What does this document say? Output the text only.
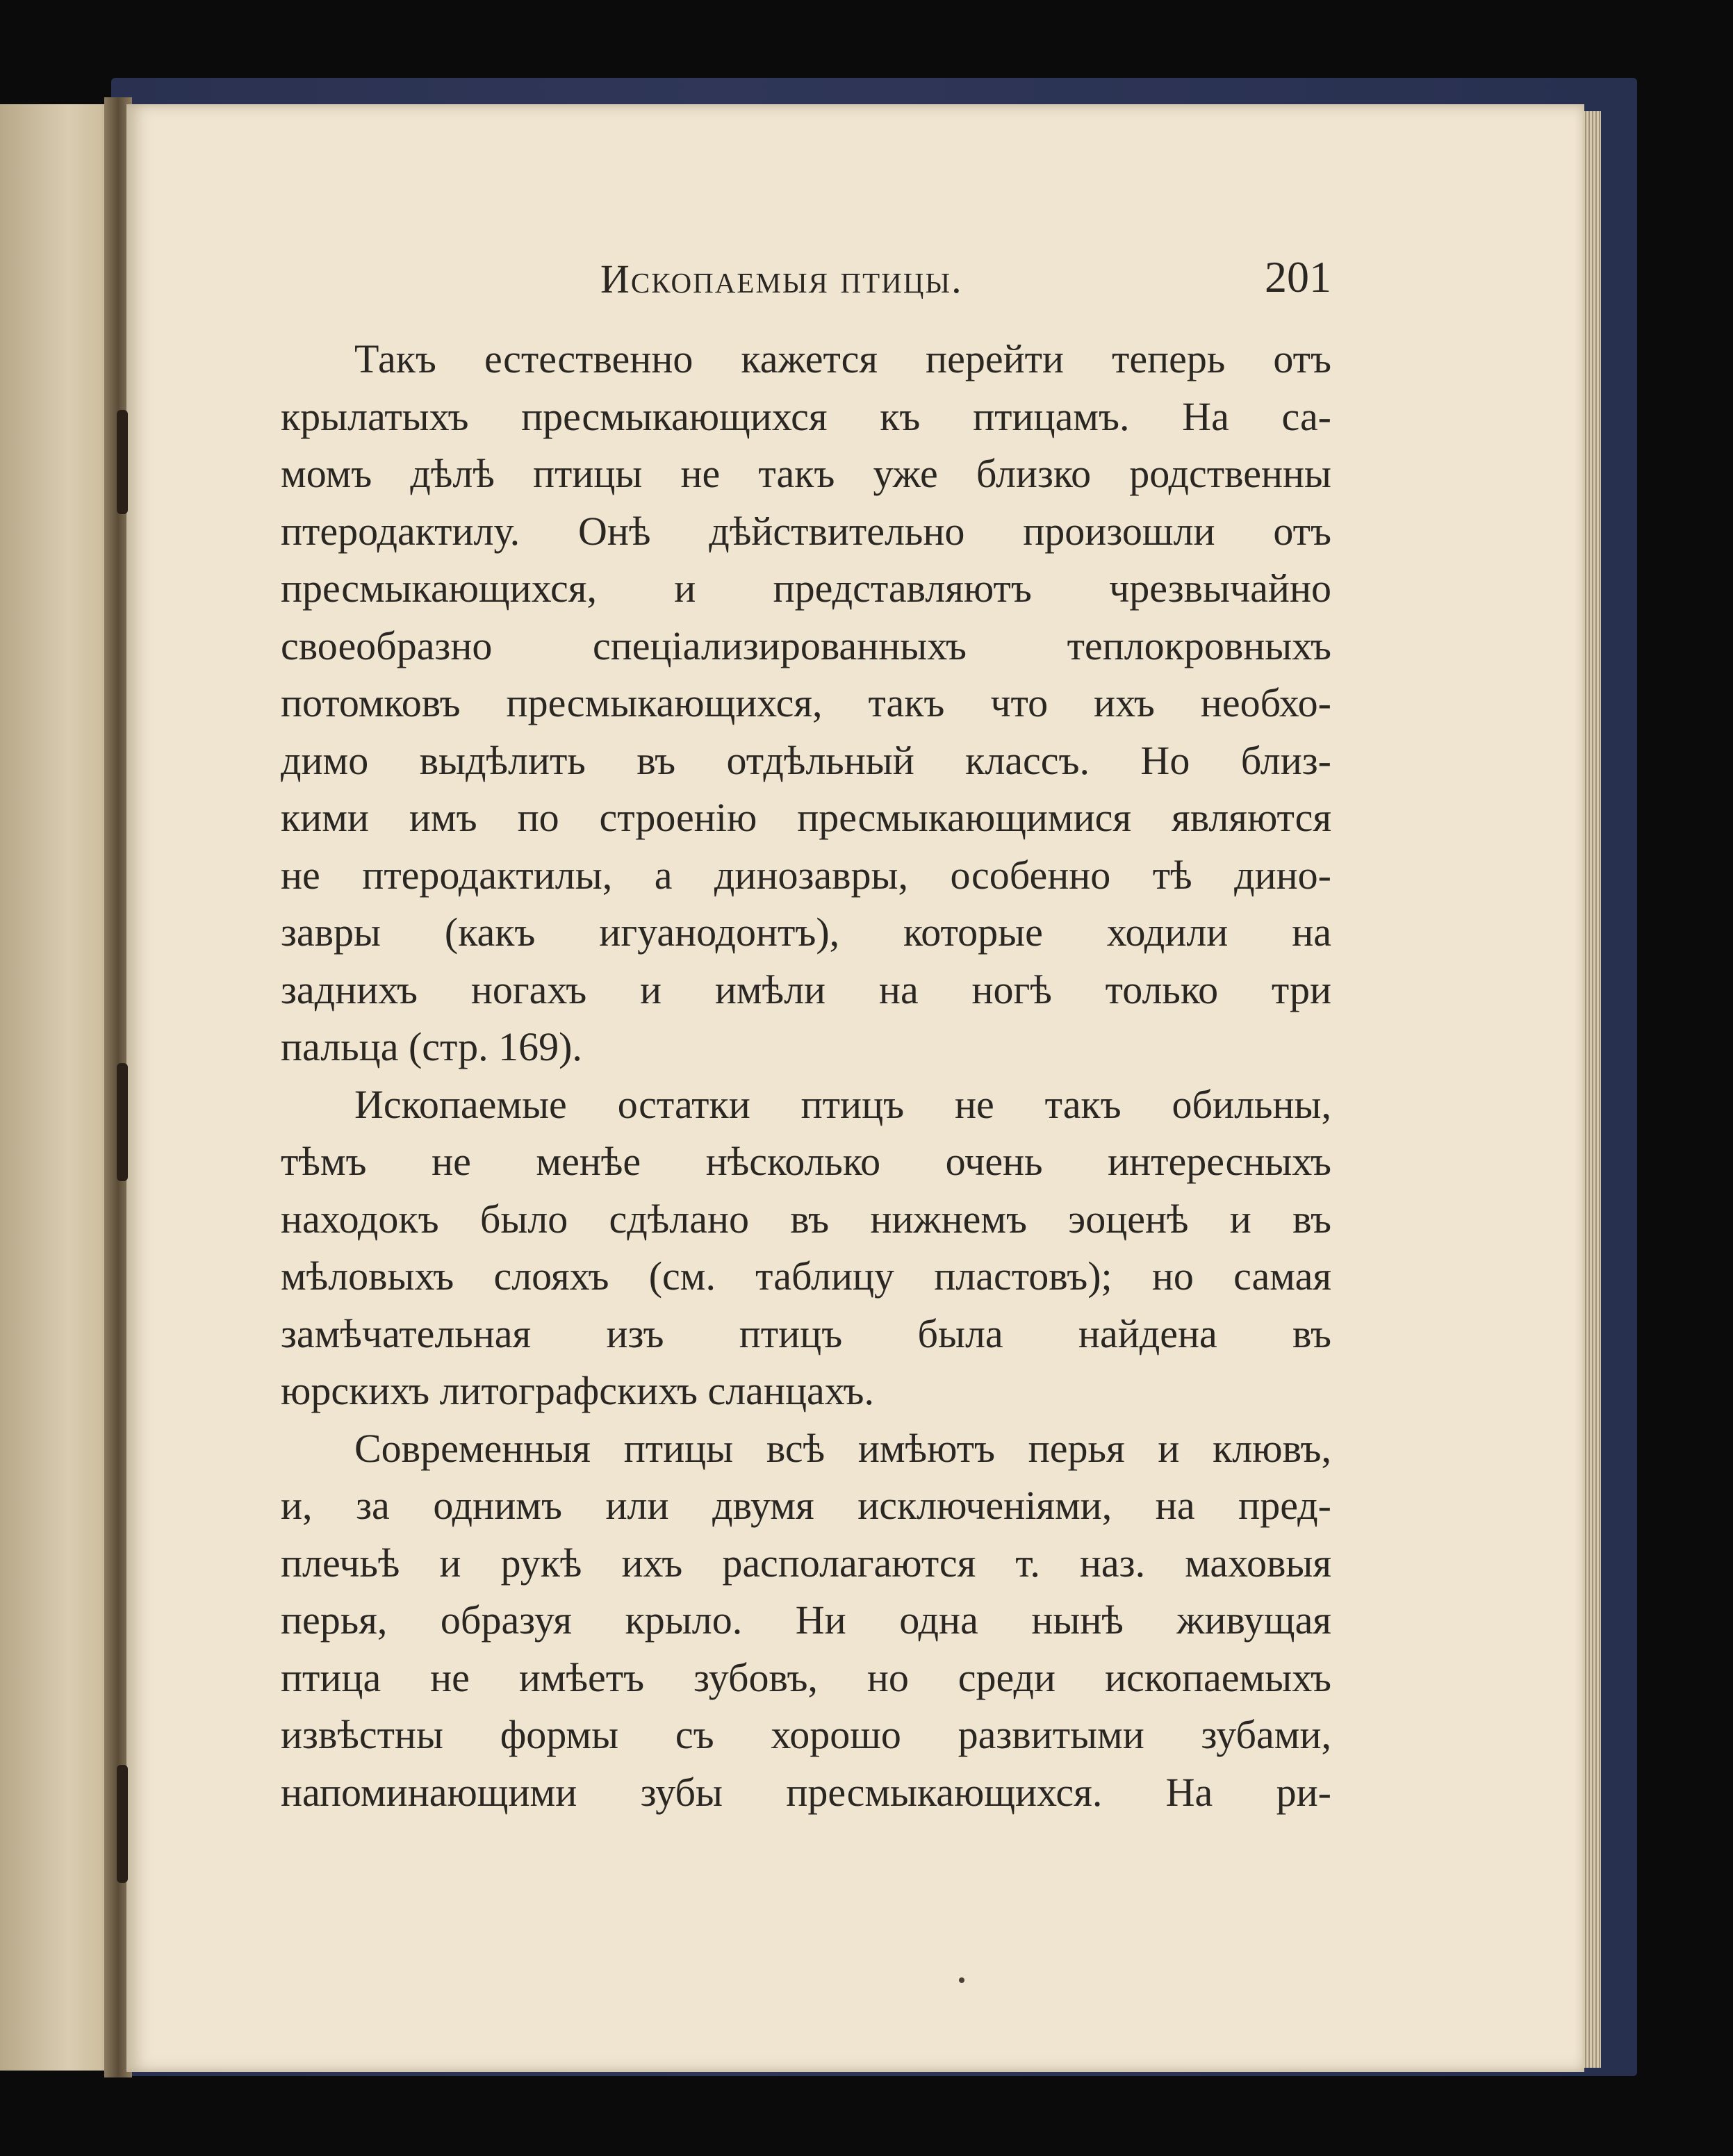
Ископаемыя птицы.	201
Такъ естественно кажется перейти теперь отъ
крылатыхъ пресмыкающихся къ птицамъ. На са-
момъ дѣлѣ птицы не такъ уже близко родственны
птеродактилу. Онѣ дѣйствительно произошли отъ
пресмыкающихся, и представляютъ чрезвычайно
своеобразно спеціализированныхъ теплокровныхъ
потомковъ пресмыкающихся, такъ что ихъ необхо-
димо выдѣлить въ отдѣльный классъ. Но близ-
кими имъ по строенію пресмыкающимися являются
не птеродактилы, а динозавры, особенно тѣ дино-
завры (какъ игуанодонтъ), которые ходили на
заднихъ ногахъ и имѣли на ногѣ только три
пальца (стр. 169).
Ископаемые остатки птицъ не такъ обильны,
тѣмъ не менѣе нѣсколько очень интересныхъ
находокъ было сдѣлано въ нижнемъ эоценѣ и въ
мѣловыхъ слояхъ (см. таблицу пластовъ); но самая
замѣчательная изъ птицъ была найдена въ
юрскихъ литографскихъ сланцахъ.
Современныя птицы всѣ имѣютъ перья и клювъ,
и, за однимъ или двумя исключеніями, на пред-
плечьѣ и рукѣ ихъ располагаются т. наз. маховыя
перья, образуя крыло. Ни одна нынѣ живущая
птица не имѣетъ зубовъ, но среди ископаемыхъ
извѣстны формы съ хорошо развитыми зубами,
напоминающими зубы пресмыкающихся. На ри-
